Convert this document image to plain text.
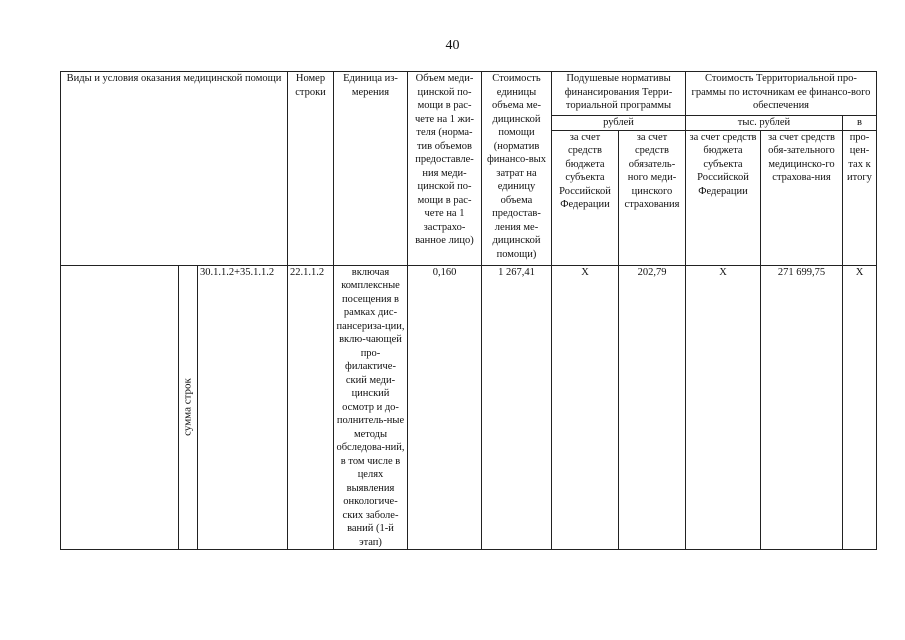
40
Виды и условия оказания медицинской помощи			Номер строки	Единица из-мерения	Объем меди-цинской по-мощи в рас-чете на 1 жи-теля (норма-тив объемов предоставле-ния меди-цинской по-мощи в рас-чете на 1 застрахо-ванное лицо)	Стоимость единицы объема ме-дицинской помощи (норматив финансо-вых затрат на единицу объема предостав-ления ме-дицинской помощи)	Подушевые нормативы финансирования Терри-ториальной программы		Стоимость Территориальной про-граммы по источникам ее финансо-вого обеспечения		
							рублей		тыс. рублей		в
							за счет средств бюджета субъекта Российской Федерации	за счет средств обязатель-ного меди-цинского страхования	за счет средств бюджета субъекта Российской Федерации	за счет средств обя-зательного медицинско-го страхова-ния	про-цен-тах к итогу

	сумма строк	30.1.1.2+35.1.1.2	22.1.1.2	включая комплексные посещения в рамках дис-пансериза-ции, вклю-чающей про-филактиче-ский меди-цинский осмотр и до-полнитель-ные методы обследова-ний, в том числе в целях выявления онкологиче-ских заболе-ваний (1-й этап)	0,160	1 267,41	Х	202,79	Х	271 699,75	Х
